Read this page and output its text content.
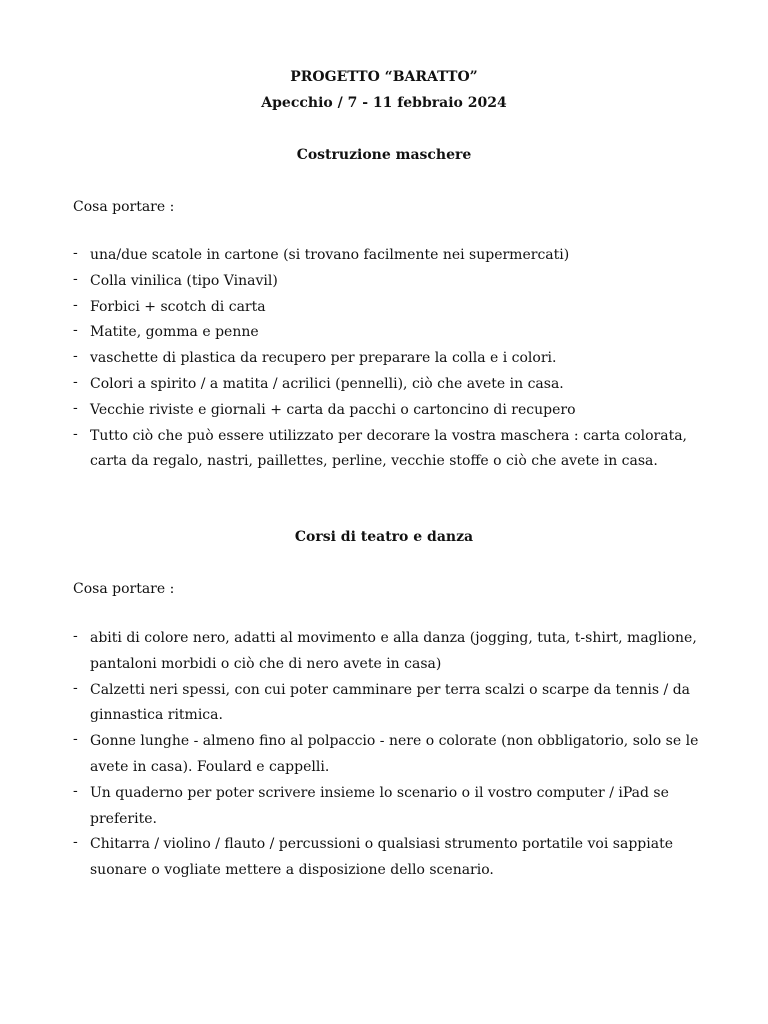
PROGETTO “BARATTO”

Apecchio / 7 - 11 febbraio 2024

Costruzione maschere

Cosa portare :

- una/due scatole in cartone (si trovano facilmente nei supermercati)
- Colla vinilica (tipo Vinavil)
- Forbici + scotch di carta
- Matite, gomma e penne
- vaschette di plastica da recupero per preparare la colla e i colori.
- Colori a spirito / a matita / acrilici (pennelli), ciò che avete in casa.
- Vecchie riviste e giornali + carta da pacchi o cartoncino di recupero
- Tutto ciò che può essere utilizzato per decorare la vostra maschera : carta colorata, carta da regalo, nastri, paillettes, perline, vecchie stoffe o ciò che avete in casa.

Corsi di teatro e danza

Cosa portare :

- abiti di colore nero, adatti al movimento e alla danza (jogging, tuta, t-shirt, maglione, pantaloni morbidi o ciò che di nero avete in casa)
- Calzetti neri spessi, con cui poter camminare per terra scalzi o scarpe da tennis / da ginnastica ritmica.
- Gonne lunghe - almeno fino al polpaccio - nere o colorate (non obbligatorio, solo se le avete in casa). Foulard e cappelli.
- Un quaderno per poter scrivere insieme lo scenario o il vostro computer / iPad se preferite.
- Chitarra / violino / flauto / percussioni o qualsiasi strumento portatile voi sappiate suonare o vogliate mettere a disposizione dello scenario.
